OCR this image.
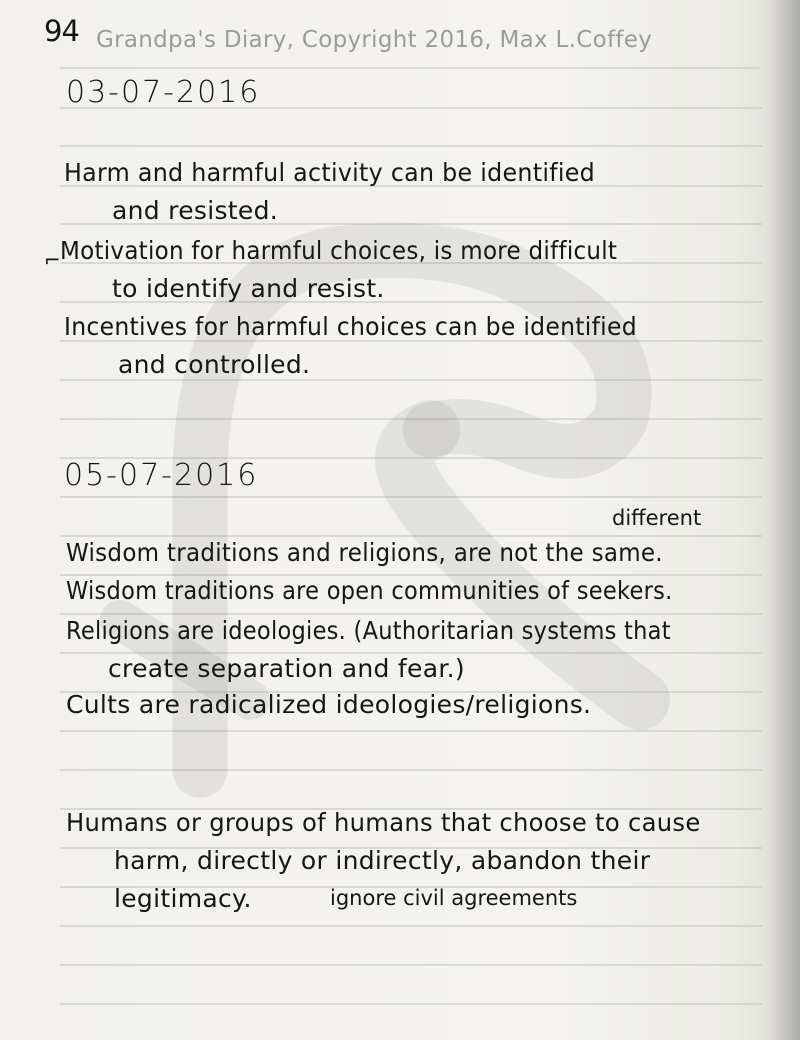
94 Grandpa's Diary, Copyright 2016, Max L.Coffey
03-07-2016
Harm and harmful activity can be identified
and resisted.
⌐ Motivation for harmful choices, is more difficult
to identify and resist.
Incentives for harmful choices can be identified
and controlled.
05-07-2016
different
Wisdom traditions and religions, are not the same.
Wisdom traditions are open communities of seekers.
Religions are ideologies. (Authoritarian systems that
create separation and fear.)
Cults are radicalized ideologies/religions.
Humans or groups of humans that choose to cause
harm, directly or indirectly, abandon their
legitimacy.	ignore civil agreements
